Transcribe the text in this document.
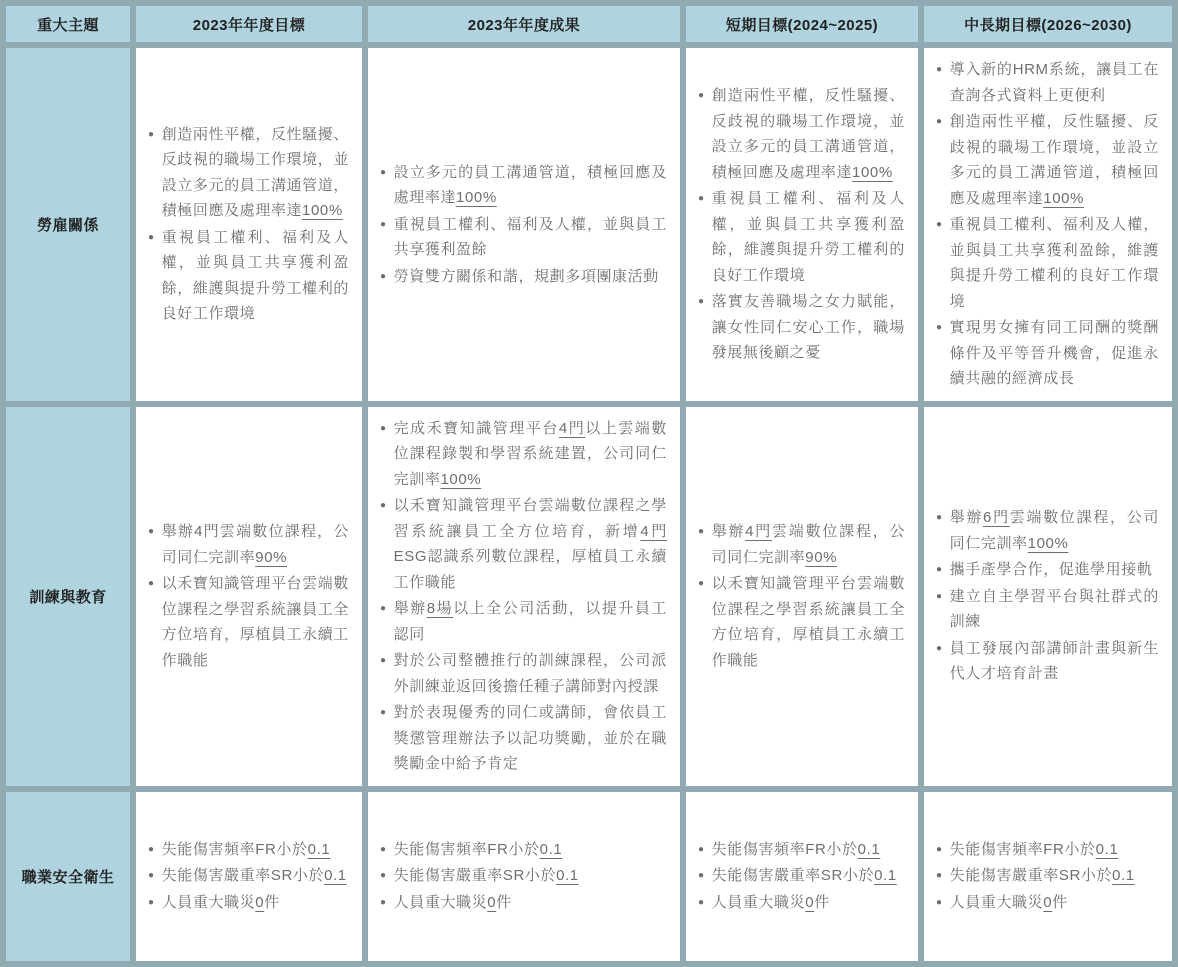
重大主題	2023年年度目標	2023年年度成果	短期目標(2024~2025)	中長期目標(2026~2030)
勞雇關係	
● 創造兩性平權，反性騷擾、反歧視的職場工作環境，並設立多元的員工溝通管道，積極回應及處理率達100%
● 重視員工權利、福利及人權，並與員工共享獲利盈餘，維護與提升勞工權利的良好工作環境

● 設立多元的員工溝通管道，積極回應及處理率達100%
● 重視員工權利、福利及人權，並與員工共享獲利盈餘
● 勞資雙方關係和諧，規劃多項團康活動

● 創造兩性平權，反性騷擾、反歧視的職場工作環境，並設立多元的員工溝通管道，積極回應及處理率達100%
● 重視員工權利、福利及人權，並與員工共享獲利盈餘，維護與提升勞工權利的良好工作環境
● 落實友善職場之女力賦能，讓女性同仁安心工作，職場發展無後顧之憂

● 導入新的HRM系統，讓員工在查詢各式資料上更便利
● 創造兩性平權，反性騷擾、反歧視的職場工作環境，並設立多元的員工溝通管道，積極回應及處理率達100%
● 重視員工權利、福利及人權，並與員工共享獲利盈餘，維護與提升勞工權利的良好工作環境
● 實現男女擁有同工同酬的獎酬條件及平等晉升機會，促進永續共融的經濟成長

訓練與教育	
● 舉辦4門雲端數位課程，公司同仁完訓率90%
● 以禾寶知識管理平台雲端數位課程之學習系統讓員工全方位培育，厚植員工永續工作職能

● 完成禾寶知識管理平台4門以上雲端數位課程錄製和學習系統建置，公司同仁完訓率100%
● 以禾寶知識管理平台雲端數位課程之學習系統讓員工全方位培育，新增4門ESG認識系列數位課程，厚植員工永續工作職能
● 舉辦8場以上全公司活動，以提升員工認同
● 對於公司整體推行的訓練課程，公司派外訓練並返回後擔任種子講師對內授課
● 對於表現優秀的同仁或講師，會依員工獎懲管理辦法予以記功獎勵，並於在職獎勵金中給予肯定

● 舉辦4門雲端數位課程，公司同仁完訓率90%
● 以禾寶知識管理平台雲端數位課程之學習系統讓員工全方位培育，厚植員工永續工作職能

● 舉辦6門雲端數位課程，公司同仁完訓率100%
● 攜手產學合作，促進學用接軌
● 建立自主學習平台與社群式的訓練
● 員工發展內部講師計畫與新生代人才培育計畫

職業安全衛生	
● 失能傷害頻率FR小於0.1
● 失能傷害嚴重率SR小於0.1
● 人員重大職災0件

● 失能傷害頻率FR小於0.1
● 失能傷害嚴重率SR小於0.1
● 人員重大職災0件

● 失能傷害頻率FR小於0.1
● 失能傷害嚴重率SR小於0.1
● 人員重大職災0件

● 失能傷害頻率FR小於0.1
● 失能傷害嚴重率SR小於0.1
● 人員重大職災0件
